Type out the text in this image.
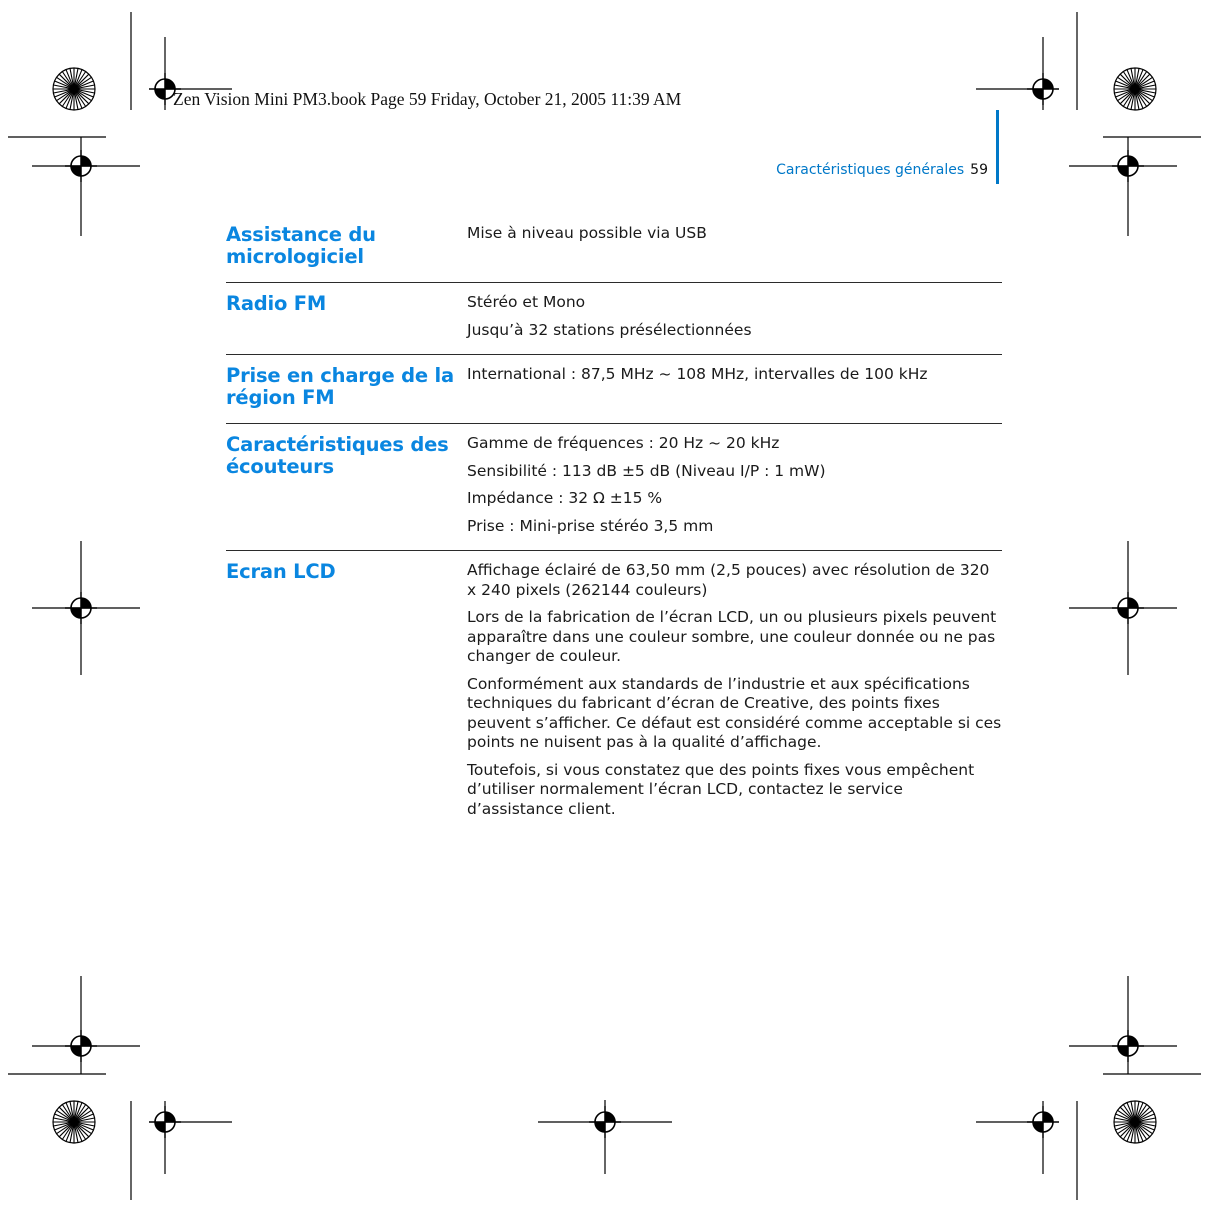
Zen Vision Mini PM3.book Page 59 Friday, October 21, 2005 11:39 AM
Caractéristiques générales 59
Assistance du micrologiciel

Mise à niveau possible via USB

Radio FM	Stéréo et Mono

Jusqu’à 32 stations présélectionnées

Prise en charge de la région FM

International : 87,5 MHz ~ 108 MHz, intervalles de 100 kHz

Caractéristiques des écouteurs

Gamme de fréquences : 20 Hz ~ 20 kHz

Sensibilité : 113 dB ±5 dB (Niveau I/P : 1 mW)

Impédance : 32 Ω ±15 %

Prise : Mini-prise stéréo 3,5 mm

Ecran LCD	Affichage éclairé de 63,50 mm (2,5 pouces) avec résolution de 320 x 240 pixels (262144 couleurs)

Lors de la fabrication de l’écran LCD, un ou plusieurs pixels peuvent apparaître dans une couleur sombre, une couleur donnée ou ne pas changer de couleur.

Conformément aux standards de l’industrie et aux spécifications techniques du fabricant d’écran de Creative, des points fixes peuvent s’afficher. Ce défaut est considéré comme acceptable si ces points ne nuisent pas à la qualité d’affichage.

Toutefois, si vous constatez que des points fixes vous empêchent d’utiliser normalement l’écran LCD, contactez le service d’assistance client.
